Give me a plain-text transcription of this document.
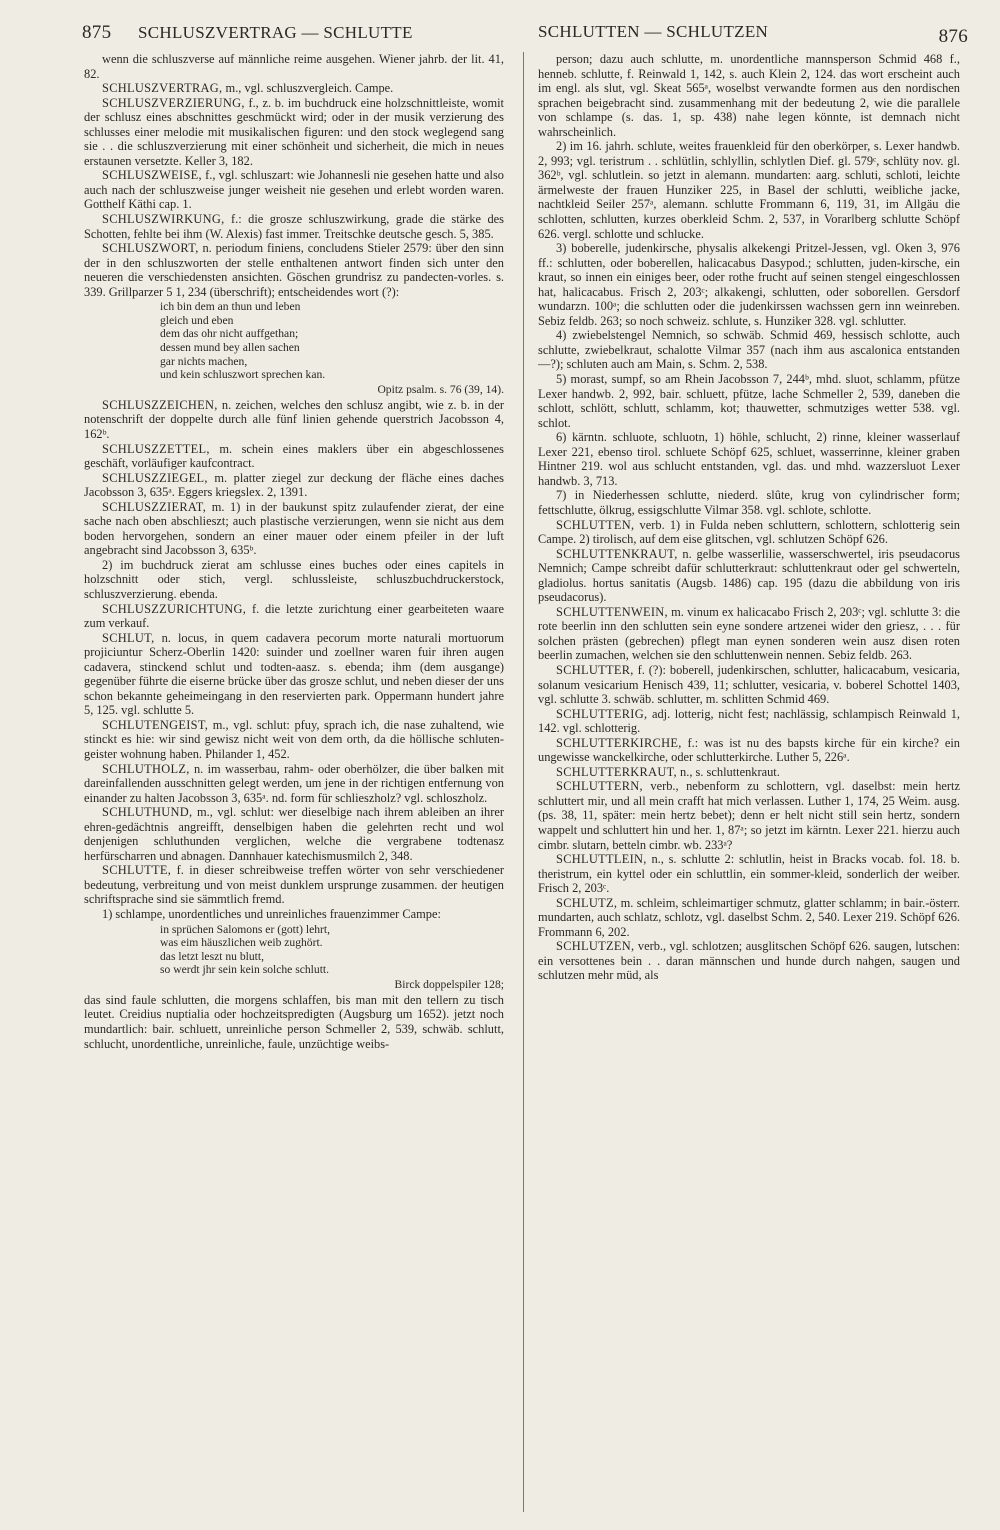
875 SCHLUSZVERTRAG — SCHLUTTE	SCHLUTTEN — SCHLUTZEN	876

wenn die schluszverse auf männliche reime ausgehen. Wiener jahrb. der lit. 41, 82.

SCHLUSZVERTRAG, m., vgl. schluszvergleich. Campe.

SCHLUSZVERZIERUNG, f., z. b. im buchdruck eine holzschnittleiste, womit der schlusz eines abschnittes geschmückt wird; oder in der musik verzierung des schlusses einer melodie mit musikalischen figuren: und den stock weglegend sang sie . . die schluszverzierung mit einer schönheit und sicherheit, die mich in neues erstaunen versetzte. Keller 3, 182.

SCHLUSZWEISE, f., vgl. schluszart: wie Johannesli nie gesehen hatte und also auch nach der schluszweise junger weisheit nie gesehen und erlebt worden waren. Gotthelf Käthi cap. 1.

SCHLUSZWIRKUNG, f.: die grosze schluszwirkung, grade die stärke des Schotten, fehlte bei ihm (W. Alexis) fast immer. Treitschke deutsche gesch. 5, 385.

SCHLUSZWORT, n. periodum finiens, concludens Stieler 2579: über den sinn der in den schluszworten der stelle enthaltenen antwort finden sich unter den neueren die verschiedensten ansichten. Göschen grundrisz zu pandecten-vorles. s. 339. Grillparzer 5 1, 234 (überschrift); entscheidendes wort (?):

ich bin dem an thun und leben
gleich und eben
dem das ohr nicht auffgethan;
dessen mund bey allen sachen
gar nichts machen,
und kein schluszwort sprechen kan.
Opitz psalm. s. 76 (39, 14).

SCHLUSZZEICHEN, n. zeichen, welches den schlusz angibt, wie z. b. in der notenschrift der doppelte durch alle fünf linien gehende querstrich Jacobsson 4, 162ᵇ.

SCHLUSZZETTEL, m. schein eines maklers über ein abgeschlossenes geschäft, vorläufiger kaufcontract.

SCHLUSZZIEGEL, m. platter ziegel zur deckung der fläche eines daches Jacobsson 3, 635ᵃ. Eggers kriegslex. 2, 1391.

SCHLUSZZIERAT, m. 1) in der baukunst spitz zulaufender zierat, der eine sache nach oben abschlieszt; auch plastische verzierungen, wenn sie nicht aus dem boden hervorgehen, sondern an einer mauer oder einem pfeiler in der luft angebracht sind Jacobsson 3, 635ᵇ.

2) im buchdruck zierat am schlusse eines buches oder eines capitels in holzschnitt oder stich, vergl. schlussleiste, schluszbuchdruckerstock, schluszverzierung. ebenda.

SCHLUSZZURICHTUNG, f. die letzte zurichtung einer gearbeiteten waare zum verkauf.

SCHLUT, n. locus, in quem cadavera pecorum morte naturali mortuorum projiciuntur Scherz-Oberlin 1420: suinder und zoellner waren fuir ihren augen cadavera, stinckend schlut und todten-aasz. s. ebenda; ihm (dem ausgange) gegenüber führte die eiserne brücke über das grosze schlut, und neben dieser der uns schon bekannte geheimeingang in den reservierten park. Oppermann hundert jahre 5, 125. vgl. schlutte 5.

SCHLUTENGEIST, m., vgl. schlut: pfuy, sprach ich, die nase zuhaltend, wie stinckt es hie: wir sind gewisz nicht weit von dem orth, da die höllische schluten-geister wohnung haben. Philander 1, 452.

SCHLUTHOLZ, n. im wasserbau, rahm- oder oberhölzer, die über balken mit dareinfallenden ausschnitten gelegt werden, um jene in der richtigen entfernung von einander zu halten Jacobsson 3, 635ᵃ. nd. form für schlieszholz? vgl. schloszholz.

SCHLUTHUND, m., vgl. schlut: wer dieselbige nach ihrem ableiben an ihrer ehren-gedächtnis angreifft, denselbigen haben die gelehrten recht und wol denjenigen schluthunden verglichen, welche die vergrabene todtenasz herfürscharren und abnagen. Dannhauer katechismusmilch 2, 348.

SCHLUTTE, f. in dieser schreibweise treffen wörter von sehr verschiedener bedeutung, verbreitung und von meist dunklem ursprunge zusammen. der heutigen schriftsprache sind sie sämmtlich fremd.

1) schlampe, unordentliches und unreinliches frauenzimmer Campe:

in sprüchen Salomons er (gott) lehrt,
was eim häuszlichen weib zughört.
das letzt leszt nu blutt,
so werdt jhr sein kein solche schlutt.
Birck doppelspiler 128;

das sind faule schlutten, die morgens schlaffen, bis man mit den tellern zu tisch leutet. Creidius nuptialia oder hochzeitspredigten (Augsburg um 1652). jetzt noch mundartlich: bair. schluett, unreinliche person Schmeller 2, 539, schwäb. schlutt, schlucht, unordentliche, unreinliche, faule, unzüchtige weibs-

person; dazu auch schlutte, m. unordentliche mannsperson Schmid 468 f., henneb. schlutte, f. Reinwald 1, 142, s. auch Klein 2, 124. das wort erscheint auch im engl. als slut, vgl. Skeat 565ᵃ, woselbst verwandte formen aus den nordischen sprachen beigebracht sind. zusammenhang mit der bedeutung 2, wie die parallele von schlampe (s. das. 1, sp. 438) nahe legen könnte, ist demnach nicht wahrscheinlich.

2) im 16. jahrh. schlute, weites frauenkleid für den oberkörper, s. Lexer handwb. 2, 993; vgl. teristrum . . schlütlin, schlyllin, schlytlen Dief. gl. 579ᶜ, schlüty nov. gl. 362ᵇ, vgl. schlutlein. so jetzt in alemann. mundarten: aarg. schluti, schloti, leichte ärmelweste der frauen Hunziker 225, in Basel der schlutti, weibliche jacke, nachtkleid Seiler 257ᵃ, alemann. schlutte Frommann 6, 119, 31, im Allgäu die schlotten, schlutten, kurzes oberkleid Schm. 2, 537, in Vorarlberg schlutte Schöpf 626. vergl. schlotte und schlucke.

3) boberelle, judenkirsche, physalis alkekengi Pritzel-Jessen, vgl. Oken 3, 976 ff.: schlutten, oder boberellen, halicacabus Dasypod.; schlutten, juden-kirsche, ein kraut, so innen ein einiges beer, oder rothe frucht auf seinen stengel eingeschlossen hat, halicacabus. Frisch 2, 203ᶜ; alkakengi, schlutten, oder soborellen. Gersdorf wundarzn. 100ᵃ; die schlutten oder die judenkirssen wachssen gern inn weinreben. Sebiz feldb. 263; so noch schweiz. schlute, s. Hunziker 328. vgl. schlutter.

4) zwiebelstengel Nemnich, so schwäb. Schmid 469, hessisch schlotte, auch schlutte, zwiebelkraut, schalotte Vilmar 357 (nach ihm aus ascalonica entstanden —?); schluten auch am Main, s. Schm. 2, 538.

5) morast, sumpf, so am Rhein Jacobsson 7, 244ᵇ, mhd. sluot, schlamm, pfütze Lexer handwb. 2, 992, bair. schluett, pfütze, lache Schmeller 2, 539, daneben die schlott, schlött, schlutt, schlamm, kot; thauwetter, schmutziges wetter 538. vgl. schlot.

6) kärntn. schluote, schluotn, 1) höhle, schlucht, 2) rinne, kleiner wasserlauf Lexer 221, ebenso tirol. schluete Schöpf 625, schluet, wasserrinne, kleiner graben Hintner 219. wol aus schlucht entstanden, vgl. das. und mhd. wazzersluot Lexer handwb. 3, 713.

7) in Niederhessen schlutte, niederd. slûte, krug von cylindrischer form; fettschlutte, ölkrug, essigschlutte Vilmar 358. vgl. schlote, schlotte.

SCHLUTTEN, verb. 1) in Fulda neben schluttern, schlottern, schlotterig sein Campe. 2) tirolisch, auf dem eise glitschen, vgl. schlutzen Schöpf 626.

SCHLUTTENKRAUT, n. gelbe wasserlilie, wasserschwertel, iris pseudacorus Nemnich; Campe schreibt dafür schlutterkraut: schluttenkraut oder gel schwerteln, gladiolus. hortus sanitatis (Augsb. 1486) cap. 195 (dazu die abbildung von iris pseudacorus).

SCHLUTTENWEIN, m. vinum ex halicacabo Frisch 2, 203ᶜ; vgl. schlutte 3: die rote beerlin inn den schlutten sein eyne sondere artzenei wider den griesz, . . . für solchen prästen (gebrechen) pflegt man eynen sonderen wein ausz disen roten beerlin zumachen, welchen sie den schluttenwein nennen. Sebiz feldb. 263.

SCHLUTTER, f. (?): boberell, judenkirschen, schlutter, halicacabum, vesicaria, solanum vesicarium Henisch 439, 11; schlutter, vesicaria, v. boberel Schottel 1403, vgl. schlutte 3. schwäb. schlutter, m. schlitten Schmid 469.

SCHLUTTERIG, adj. lotterig, nicht fest; nachlässig, schlampisch Reinwald 1, 142. vgl. schlotterig.

SCHLUTTERKIRCHE, f.: was ist nu des bapsts kirche für ein kirche? ein ungewisse wanckelkirche, oder schlutterkirche. Luther 5, 226ᵃ.

SCHLUTTERKRAUT, n., s. schluttenkraut.

SCHLUTTERN, verb., nebenform zu schlottern, vgl. daselbst: mein hertz schluttert mir, und all mein crafft hat mich verlassen. Luther 1, 174, 25 Weim. ausg. (ps. 38, 11, später: mein hertz bebet); denn er helt nicht still sein hertz, sondern wappelt und schluttert hin und her. 1, 87ᵃ; so jetzt im kärntn. Lexer 221. hierzu auch cimbr. slutarn, betteln cimbr. wb. 233ᵃ?

SCHLUTTLEIN, n., s. schlutte 2: schlutlin, heist in Bracks vocab. fol. 18. b. theristrum, ein kyttel oder ein schluttlin, ein sommer-kleid, sonderlich der weiber. Frisch 2, 203ᶜ.

SCHLUTZ, m. schleim, schleimartiger schmutz, glatter schlamm; in bair.-österr. mundarten, auch schlatz, schlotz, vgl. daselbst Schm. 2, 540. Lexer 219. Schöpf 626. Frommann 6, 202.

SCHLUTZEN, verb., vgl. schlotzen; ausglitschen Schöpf 626. saugen, lutschen: ein versottenes bein . . daran männschen und hunde durch nahgen, saugen und schlutzen mehr müd, als
